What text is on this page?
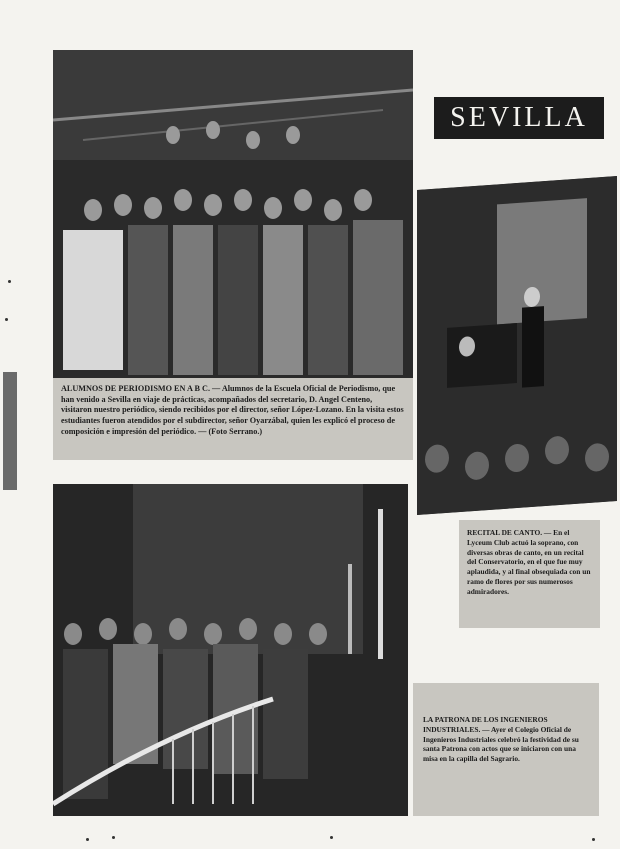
ALUMNOS DE PERIODISMO EN A B C. — Alumnos de la Escuela Oficial de Periodismo, que han venido a Sevilla en viaje de prácticas, acompañados del secretario, D. Angel Centeno, visitaron nuestro periódico, siendo recibidos por el director, señor López-Lozano. En la visita estos estudiantes fueron atendidos por el subdirector, señor Oyarzábal, quien les explicó el proceso de composición e impresión del periódico. — (Foto Serrano.)

SEVILLA

RECITAL DE CANTO. — En el Lyceum Club actuó la soprano, con diversas obras de canto, en un recital del Conservatorio, en el que fue muy aplaudida, y al final obsequiada con un ramo de flores por sus numerosos admiradores.

LA PATRONA DE LOS INGENIEROS INDUSTRIALES. — Ayer el Colegio Oficial de Ingenieros Industriales celebró la festividad de su santa Patrona con actos que se iniciaron con una misa en la capilla del Sagrario.
